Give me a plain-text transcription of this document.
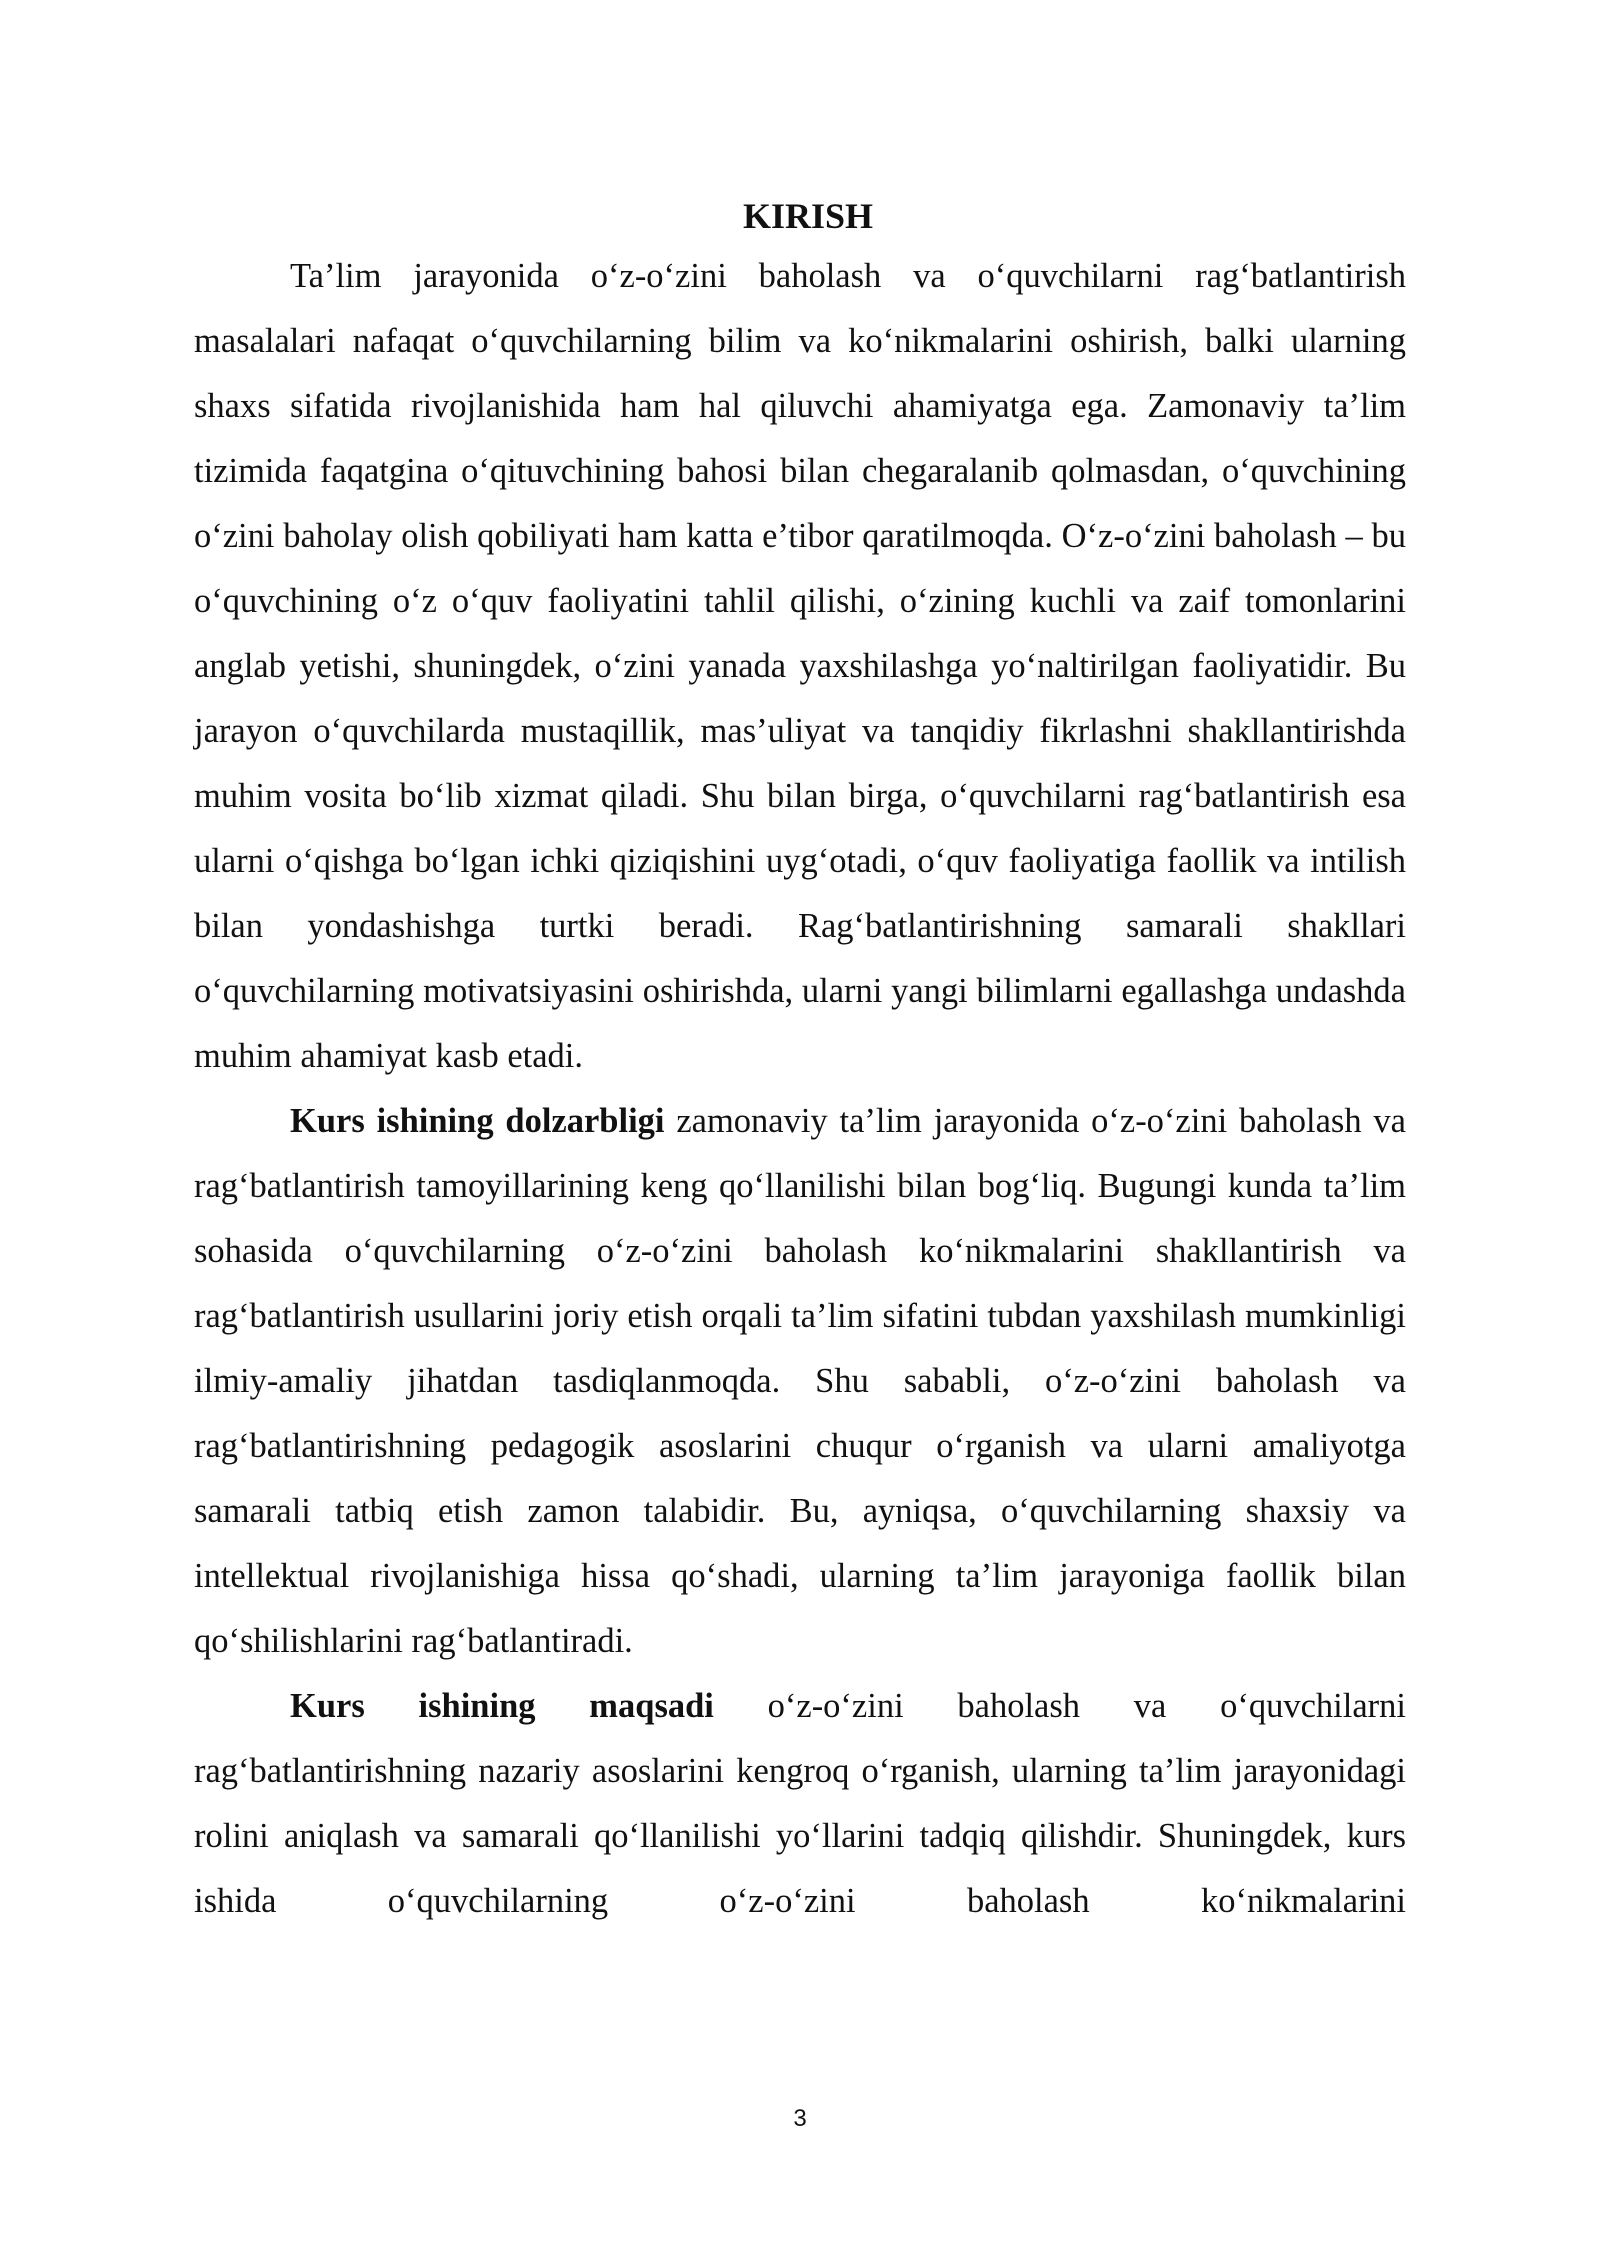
KIRISH

Ta’lim jarayonida o‘z-o‘zini baholash va o‘quvchilarni rag‘batlantirish masalalari nafaqat o‘quvchilarning bilim va ko‘nikmalarini oshirish, balki ularning shaxs sifatida rivojlanishida ham hal qiluvchi ahamiyatga ega. Zamonaviy ta’lim tizimida faqatgina o‘qituvchining bahosi bilan chegaralanib qolmasdan, o‘quvchining o‘zini baholay olish qobiliyati ham katta e’tibor qaratilmoqda. O‘z-o‘zini baholash – bu o‘quvchining o‘z o‘quv faoliyatini tahlil qilishi, o‘zining kuchli va zaif tomonlarini anglab yetishi, shuningdek, o‘zini yanada yaxshilashga yo‘naltirilgan faoliyatidir. Bu jarayon o‘quvchilarda mustaqillik, mas’uliyat va tanqidiy fikrlashni shakllantirishda muhim vosita bo‘lib xizmat qiladi. Shu bilan birga, o‘quvchilarni rag‘batlantirish esa ularni o‘qishga bo‘lgan ichki qiziqishini uyg‘otadi, o‘quv faoliyatiga faollik va intilish bilan yondashishga turtki beradi. Rag‘batlantirishning samarali shakllari o‘quvchilarning motivatsiyasini oshirishda, ularni yangi bilimlarni egallashga undashda muhim ahamiyat kasb etadi.

Kurs ishining dolzarbligi zamonaviy ta’lim jarayonida o‘z-o‘zini baholash va rag‘batlantirish tamoyillarining keng qo‘llanilishi bilan bog‘liq. Bugungi kunda ta’lim sohasida o‘quvchilarning o‘z-o‘zini baholash ko‘nikmalarini shakllantirish va rag‘batlantirish usullarini joriy etish orqali ta’lim sifatini tubdan yaxshilash mumkinligi ilmiy-amaliy jihatdan tasdiqlanmoqda. Shu sababli, o‘z-o‘zini baholash va rag‘batlantirishning pedagogik asoslarini chuqur o‘rganish va ularni amaliyotga samarali tatbiq etish zamon talabidir. Bu, ayniqsa, o‘quvchilarning shaxsiy va intellektual rivojlanishiga hissa qo‘shadi, ularning ta’lim jarayoniga faollik bilan qo‘shilishlarini rag‘batlantiradi.

Kurs ishining maqsadi o‘z-o‘zini baholash va o‘quvchilarni rag‘batlantirishning nazariy asoslarini kengroq o‘rganish, ularning ta’lim jarayonidagi rolini aniqlash va samarali qo‘llanilishi yo‘llarini tadqiq qilishdir. Shuningdek, kurs ishida o‘quvchilarning o‘z-o‘zini baholash ko‘nikmalarini

3
